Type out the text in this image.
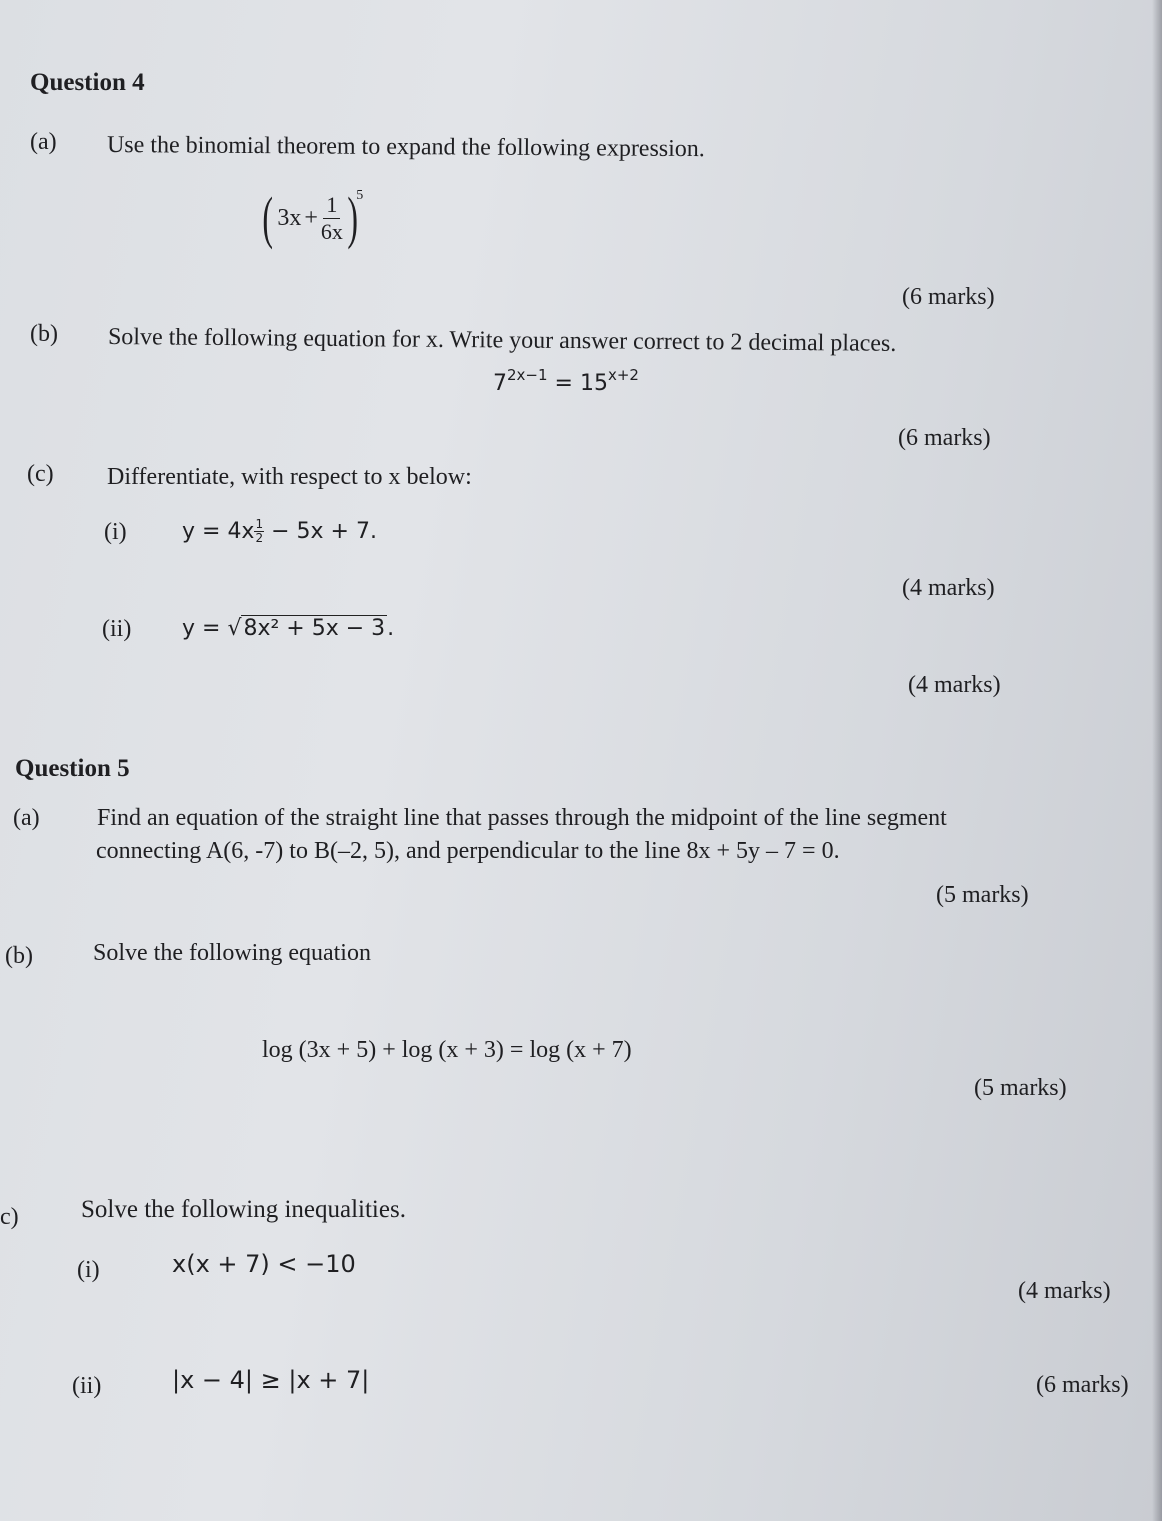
Question 4
(a) Use the binomial theorem to expand the following expression.
( $3x + \frac{1}{6x}$ )
5
(6 marks)
(b) Solve the following equation for x. Write your answer correct to 2 decimal places.
$7^{2x-1} = 15^{x+2}$
(6 marks)
(c) Differentiate, with respect to x below:
(i)	$y = 4x \frac{1}{2} - 5x + 7$.
(4 marks)
(ii) y = √8x² + 5x − 3.
(4 marks)
Question 5
(a) Find an equation of the straight line that passes through the midpoint of the line segment
connecting A(6, -7) to B(–2, 5), and perpendicular to the line 8x + 5y – 7 = 0.
(5 marks)
(b)	Solve the following equation
log (3x + 5) + log (x + 3) = log (x + 7)
(5 marks)
c) Solve the following inequalities.
(i)	x(x + 7) < −10
(4 marks)
(ii)	|x − 4| ≥ |x + 7|	(6 marks)
